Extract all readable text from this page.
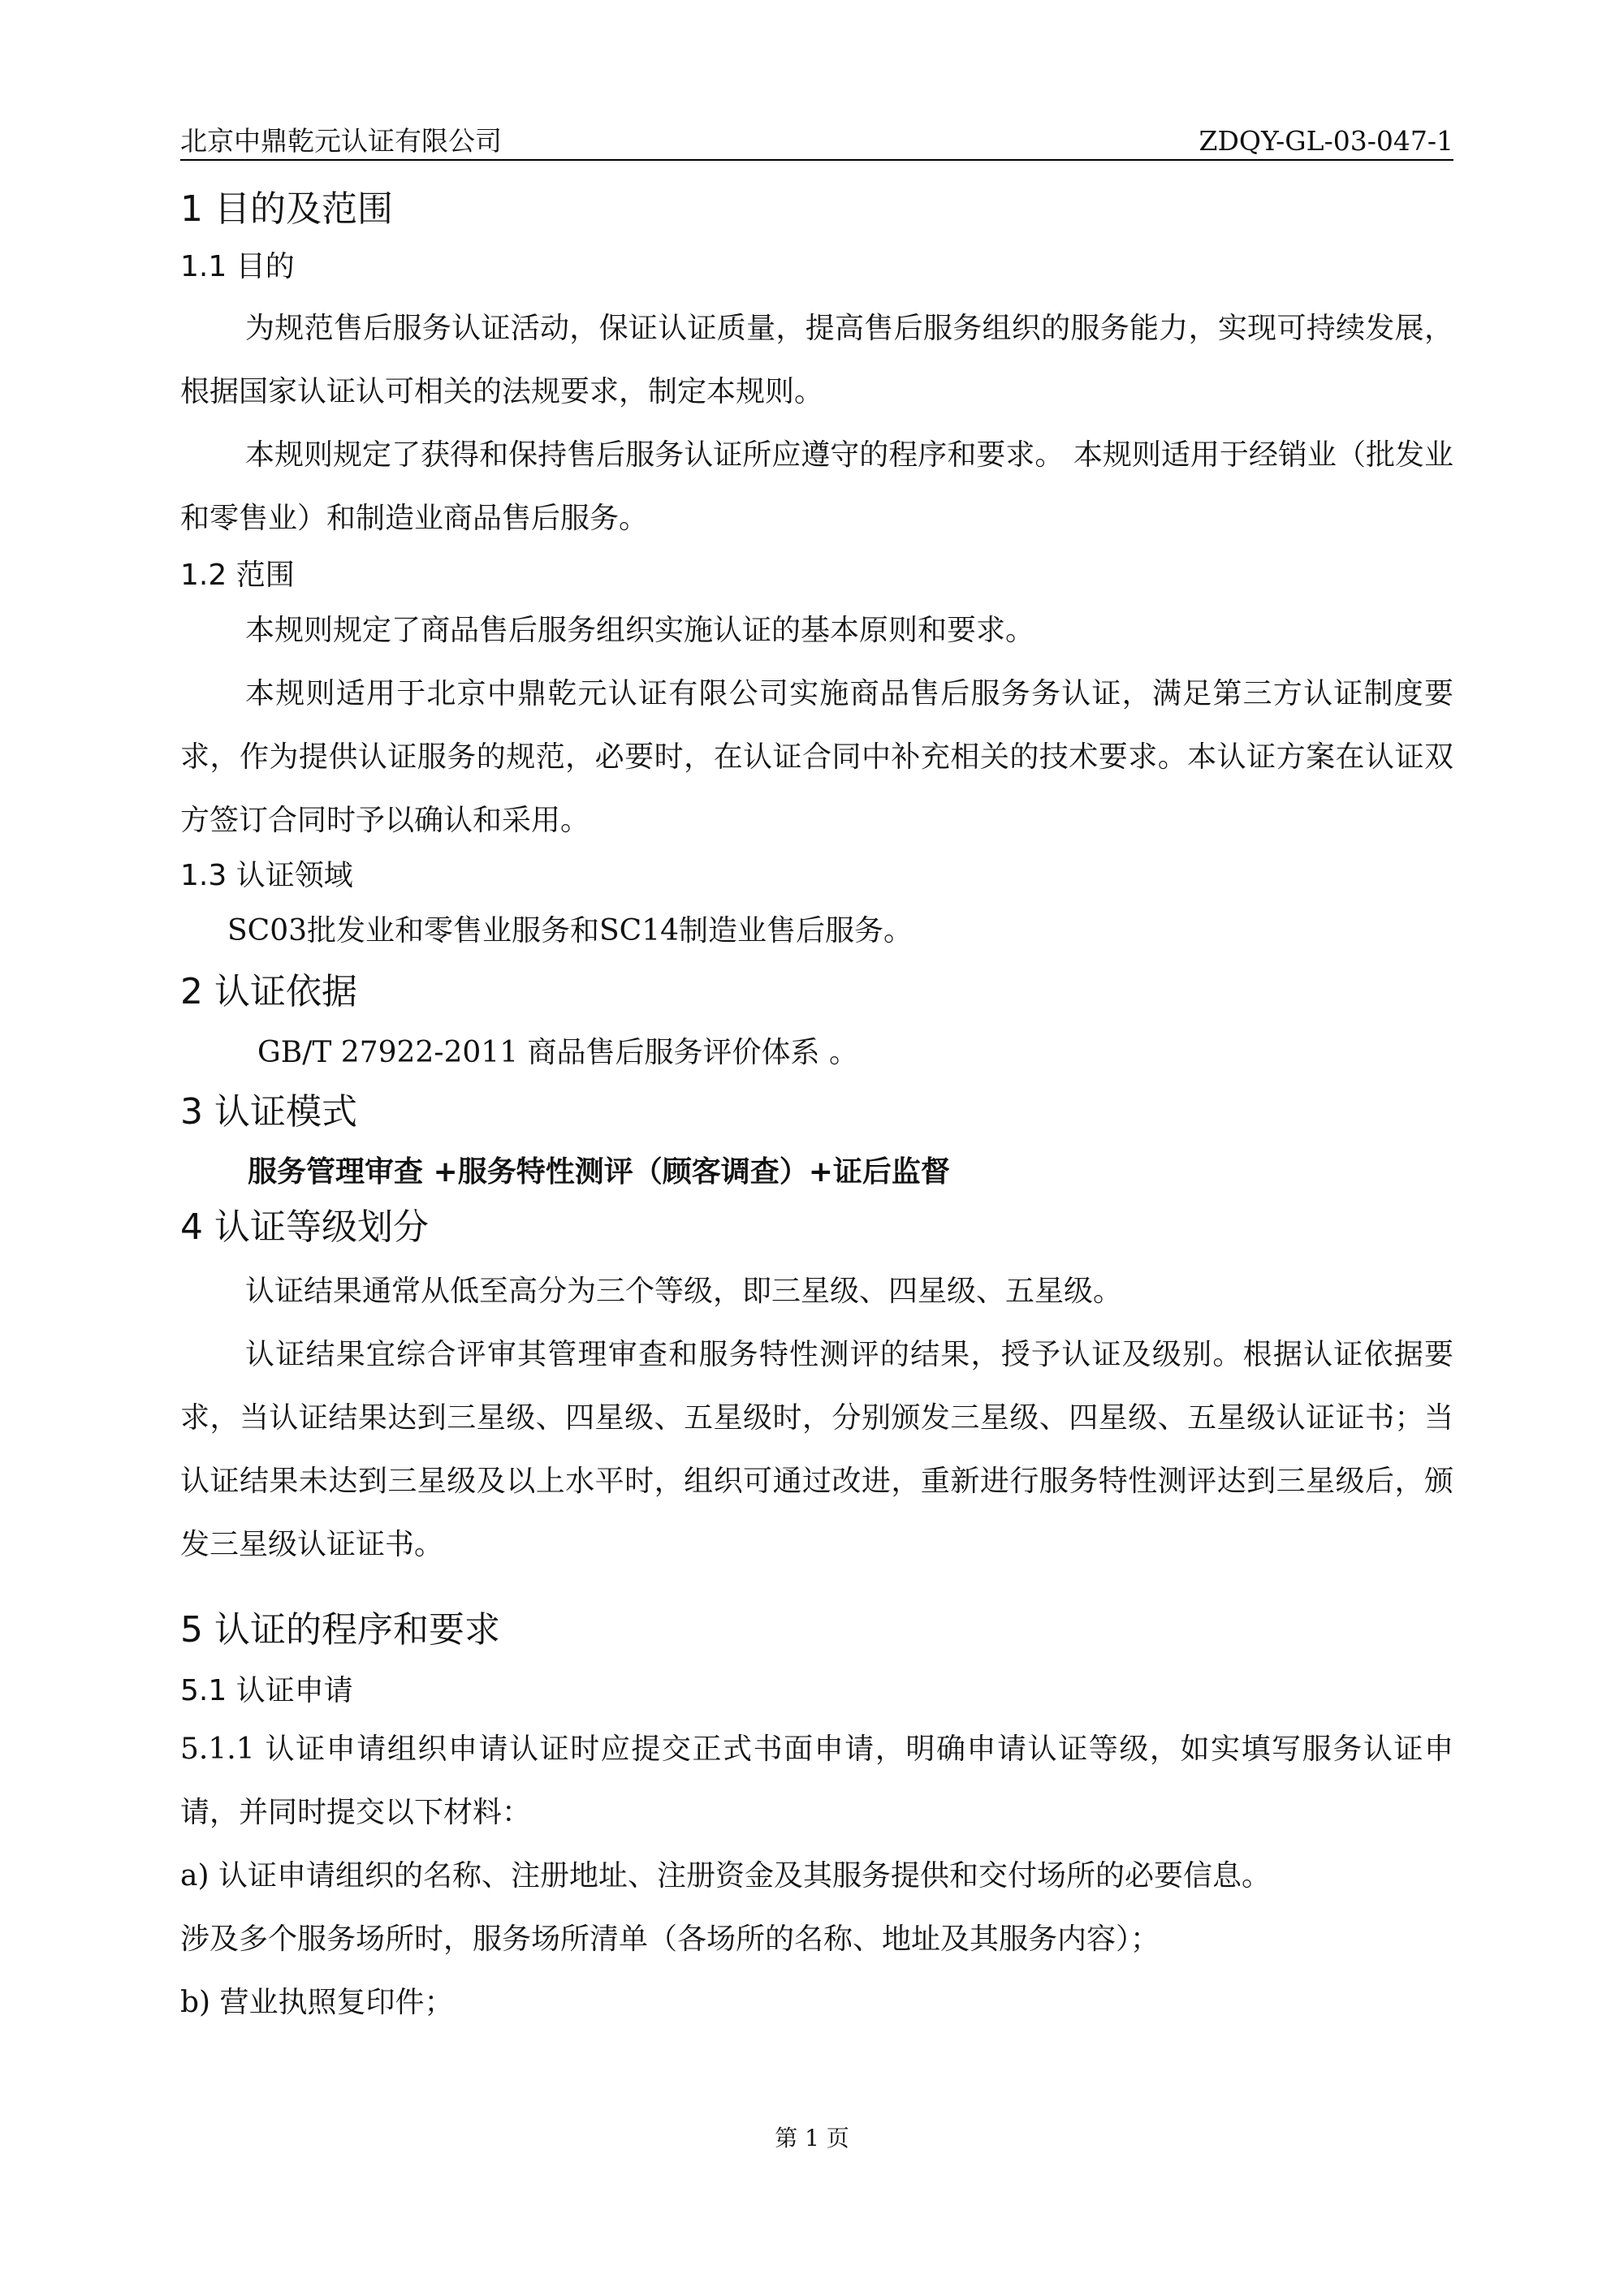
北京中鼎乾元认证有限公司	ZDQY-GL-03-047-1
1 目的及范围
1.1 目的

为规范售后服务认证活动，保证认证质量，提高售后服务组织的服务能力，实现可持续发展，根据国家认证认可相关的法规要求，制定本规则。

本规则规定了获得和保持售后服务认证所应遵守的程序和要求。 本规则适用于经销业（批发业和零售业）和制造业商品售后服务。

1.2 范围

本规则规定了商品售后服务组织实施认证的基本原则和要求。

本规则适用于北京中鼎乾元认证有限公司实施商品售后服务务认证，满足第三方认证制度要求，作为提供认证服务的规范，必要时，在认证合同中补充相关的技术要求。本认证方案在认证双方签订合同时予以确认和采用。

1.3 认证领域

SC03批发业和零售业服务和SC14制造业售后服务。

2 认证依据

GB/T 27922-2011 商品售后服务评价体系 。

3 认证模式

服务管理审查 +服务特性测评（顾客调查）+证后监督

4 认证等级划分

认证结果通常从低至高分为三个等级，即三星级、四星级、五星级。

认证结果宜综合评审其管理审查和服务特性测评的结果，授予认证及级别。根据认证依据要求，当认证结果达到三星级、四星级、五星级时，分别颁发三星级、四星级、五星级认证证书；当认证结果未达到三星级及以上水平时，组织可通过改进，重新进行服务特性测评达到三星级后，颁发三星级认证证书。

5 认证的程序和要求
5.1 认证申请

5.1.1 认证申请组织申请认证时应提交正式书面申请，明确申请认证等级，如实填写服务认证申请，并同时提交以下材料：

a) 认证申请组织的名称、注册地址、注册资金及其服务提供和交付场所的必要信息。

涉及多个服务场所时，服务场所清单（各场所的名称、地址及其服务内容）；

b) 营业执照复印件；

第 1 页
